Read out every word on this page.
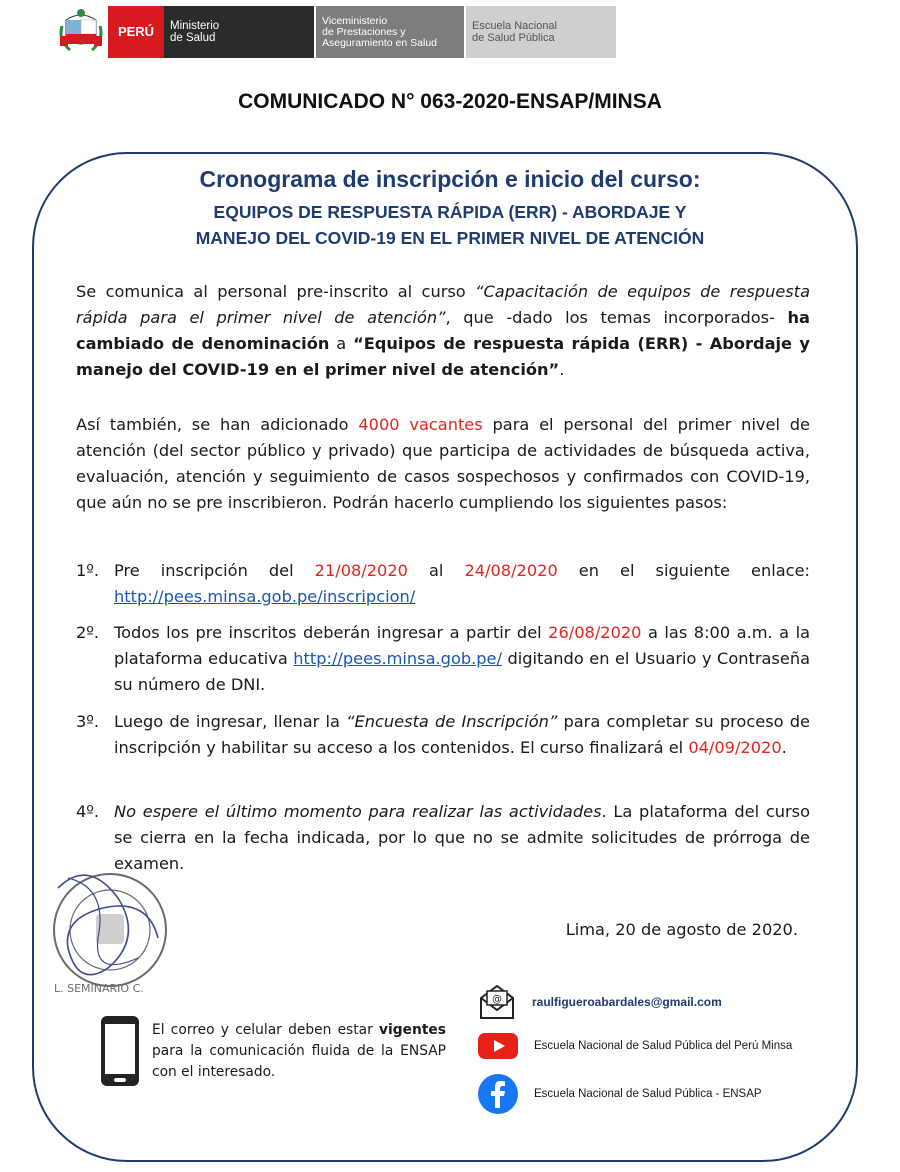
PERÚ Ministerio
de Salud
Viceministerio
de Prestaciones y
Aseguramiento en Salud
Escuela Nacional
de Salud Pública
COMUNICADO N° 063-2020-ENSAP/MINSA
Cronograma de inscripción e inicio del curso:
EQUIPOS DE RESPUESTA RÁPIDA (ERR) - ABORDAJE Y
MANEJO DEL COVID-19 EN EL PRIMER NIVEL DE ATENCIÓN

Se comunica al personal pre-inscrito al curso “Capacitación de equipos de respuesta rápida para el primer nivel de atención”, que -dado los temas incorporados- ha cambiado de denominación a “Equipos de respuesta rápida (ERR) - Abordaje y manejo del COVID-19 en el primer nivel de atención”.

Así también, se han adicionado 4000 vacantes para el personal del primer nivel de atención (del sector público y privado) que participa de actividades de búsqueda activa, evaluación, atención y seguimiento de casos sospechosos y confirmados con COVID-19, que aún no se pre inscribieron. Podrán hacerlo cumpliendo los siguientes pasos:

1º. Pre inscripción del 21/08/2020 al 24/08/2020 en el siguiente enlace: http://pees.minsa.gob.pe/inscripcion/
2º. Todos los pre inscritos deberán ingresar a partir del 26/08/2020 a las 8:00 a.m. a la plataforma educativa http://pees.minsa.gob.pe/ digitando en el Usuario y Contraseña su número de DNI.
3º. Luego de ingresar, llenar la “Encuesta de Inscripción” para completar su proceso de inscripción y habilitar su acceso a los contenidos. El curso finalizará el 04/09/2020.
4º. No espere el último momento para realizar las actividades. La plataforma del curso se cierra en la fecha indicada, por lo que no se admite solicitudes de prórroga de examen.
Lima, 20 de agosto de 2020.
L. SEMINARIO C.

El correo y celular deben estar vigentes para la comunicación fluida de la ENSAP con el interesado.

@	raulfigueroabardales@gmail.com
Escuela Nacional de Salud Pública del Perú Minsa
Escuela Nacional de Salud Pública - ENSAP
